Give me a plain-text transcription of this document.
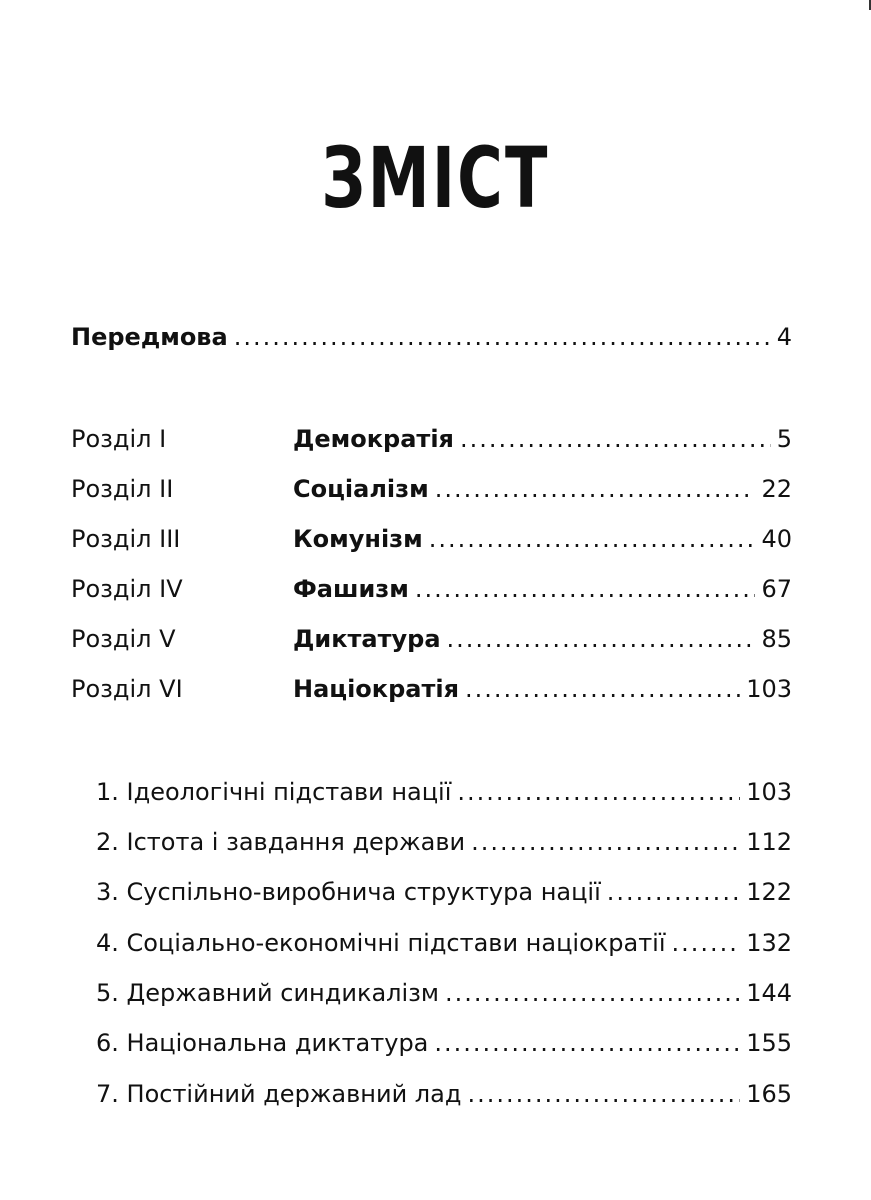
ЗМІСТ
Передмова .....	4
Розділ І	Демократія .....	5
Розділ ІІ	Соціалізм .....	22
Розділ ІІІ	Комунізм .....	40
Розділ ІV	Фашизм .....	67
Розділ V	Диктатура .....	85
Розділ VІ	Націократія .....	103
1. Ідеологічні підстави нації .....	103
2. Істота і завдання держави .....	112
3. Суспільно-виробнича структура нації .....	122
4. Соціально-економічні підстави націократії .....	132
5. Державний синдикалізм .....	144
6. Національна диктатура .....	155
7. Постійний державний лад .....	165
